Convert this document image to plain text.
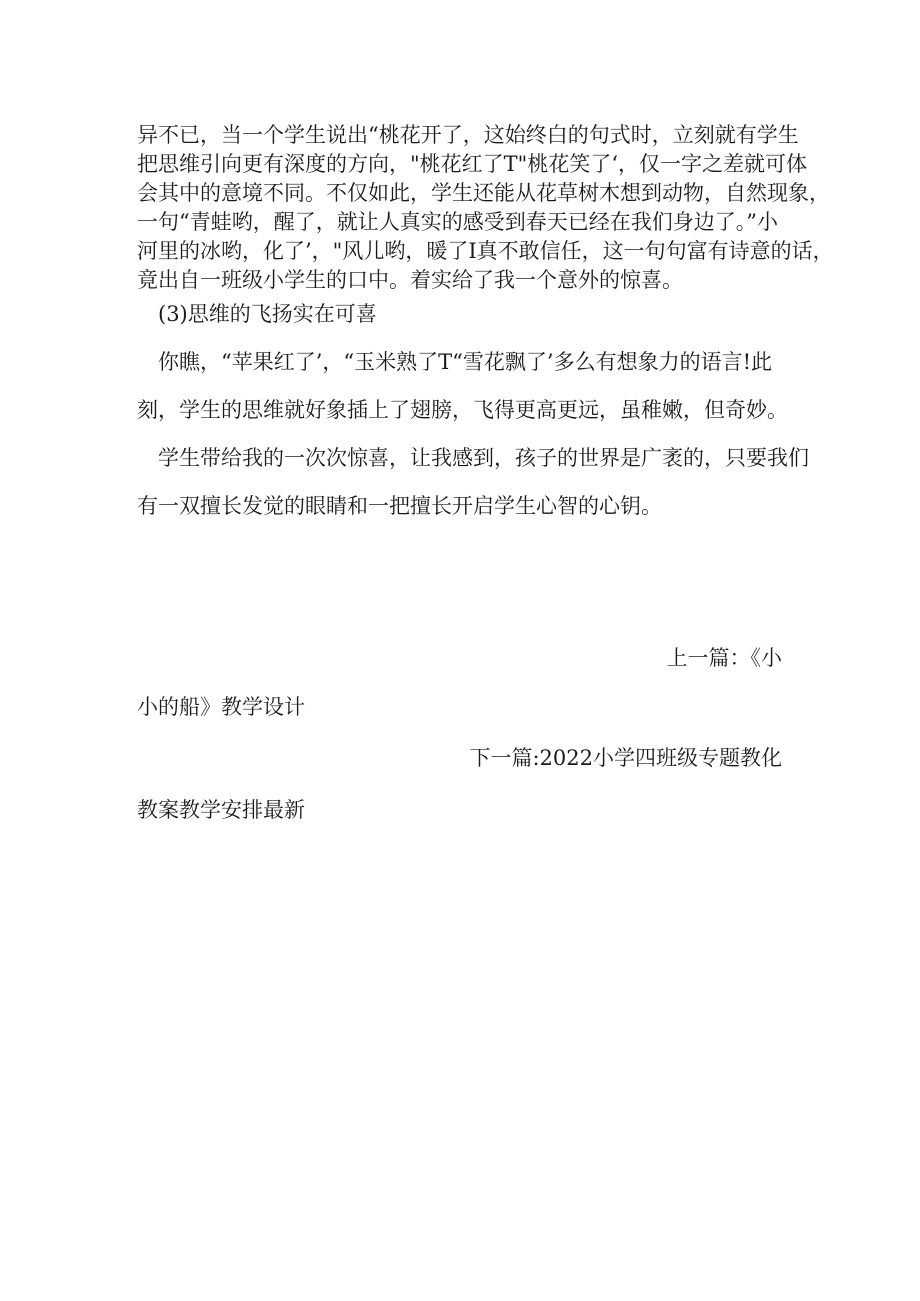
异不已，当一个学生说出“桃花开了，这始终白的句式时，立刻就有学生
把思维引向更有深度的方向，"桃花红了T"桃花笑了‘，仅一字之差就可体
会其中的意境不同。不仅如此，学生还能从花草树木想到动物，自然现象，
一句“青蛙哟，醒了，就让人真实的感受到春天已经在我们身边了。”小
河里的冰哟，化了’，"风儿哟，暖了I真不敢信任，这一句句富有诗意的话，
竟出自一班级小学生的口中。着实给了我一个意外的惊喜。
(3)思维的飞扬实在可喜
你瞧，“苹果红了’，“玉米熟了T“雪花飘了’多么有想象力的语言!此
刻，学生的思维就好象插上了翅膀，飞得更高更远，虽稚嫩，但奇妙。
学生带给我的一次次惊喜，让我感到，孩子的世界是广袤的，只要我们
有一双擅长发觉的眼睛和一把擅长开启学生心智的心钥。
上一篇：《小
小的船》教学设计
下一篇:2022小学四班级专题教化
教案教学安排最新
